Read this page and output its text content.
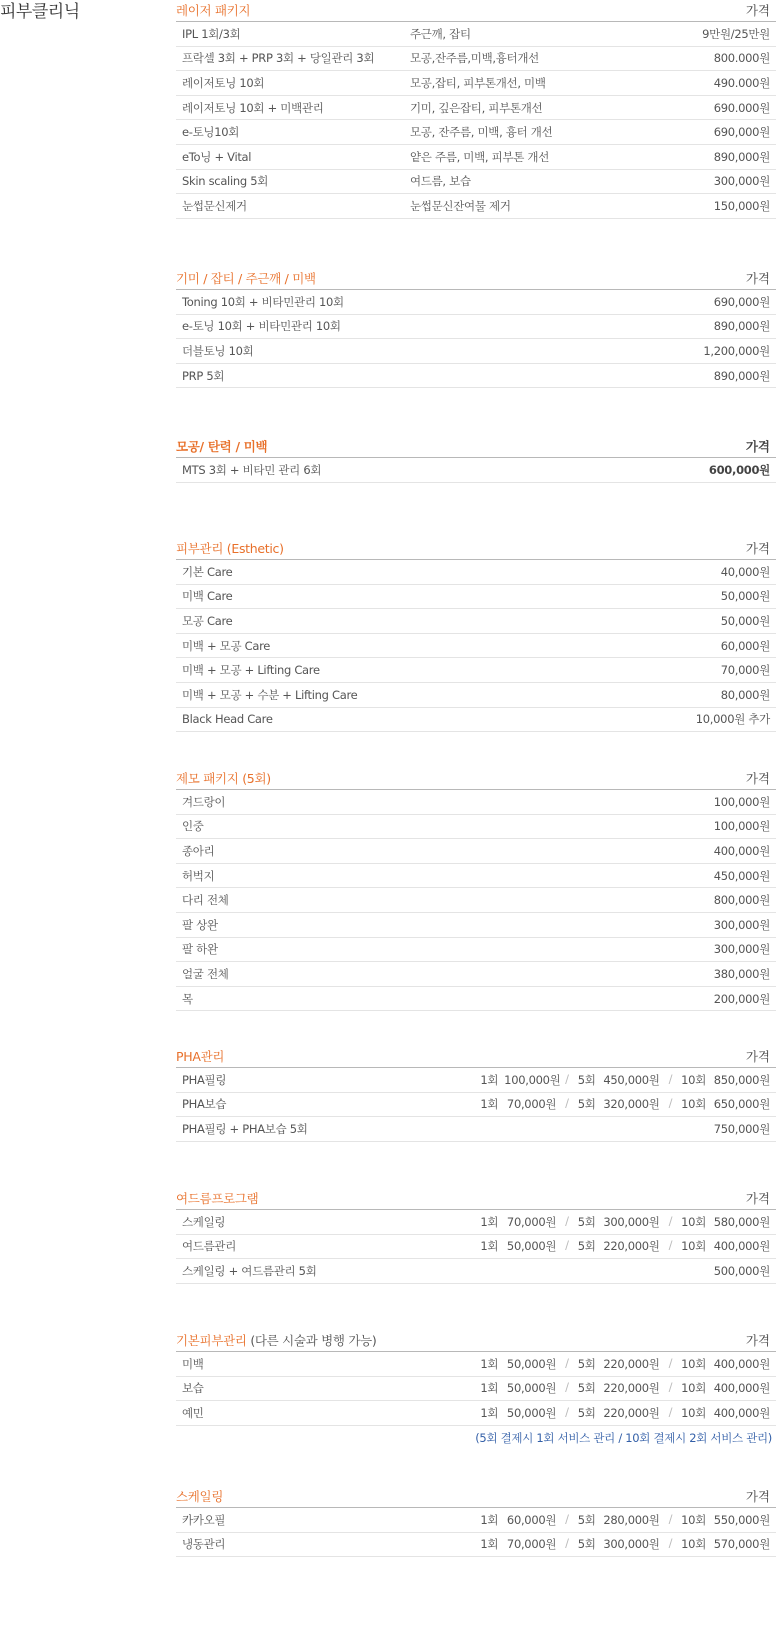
피부클리닉	레이저 패키지	가격
IPL 1회/3회	주근깨, 잡티	9만원/25만원
프락셀 3회 + PRP 3회 + 당일관리 3회	모공,잔주름,미백,흉터개선	800.000원
레이저토닝 10회	모공,잡티, 피부톤개선, 미백	490.000원
레이저토닝 10회 + 미백관리	기미, 깊은잡티, 피부톤개선	690.000원
e-토닝10회	모공, 잔주름, 미백, 흉터 개선	690,000원
eTo닝 + Vital	얕은 주름, 미백, 피부톤 개선	890,000원
Skin scaling 5회	여드름, 보습	300,000원
눈썹문신제거	눈썹문신잔여물 제거	150,000원
기미 / 잡티 / 주근깨 / 미백	가격
Toning 10회 + 비타민관리 10회	690,000원
e-토닝 10회 + 비타민관리 10회	890,000원
더블토닝 10회	1,200,000원
PRP 5회	890,000원
모공/ 탄력 / 미백	가격
MTS 3회 + 비타민 관리 6회	600,000원
피부관리 (Esthetic)	가격
기본 Care	40,000원
미백 Care	50,000원
모공 Care	50,000원
미백 + 모공 Care	60,000원
미백 + 모공 + Lifting Care	70,000원
미백 + 모공 + 수분 + Lifting Care	80,000원
Black Head Care	10,000원 추가
제모 패키지 (5회)	가격
겨드랑이	100,000원
인중	100,000원
종아리	400,000원
허벅지	450,000원
다리 전체	800,000원
팔 상완	300,000원
팔 하완	300,000원
얼굴 전체	380,000원
목	200,000원
PHA관리	가격
PHA필링	1회 100,000원 / 5회 450,000원 / 10회 850,000원
PHA보습	1회 70,000원 / 5회 320,000원 / 10회 650,000원
PHA필링 + PHA보습 5회	750,000원
여드름프로그램	가격
스케일링	1회 70,000원 / 5회 300,000원 / 10회 580,000원
여드름관리	1회 50,000원 / 5회 220,000원 / 10회 400,000원
스케일링 + 여드름관리 5회	500,000원
기본피부관리 (다른 시술과 병행 가능)	가격
미백	1회 50,000원 / 5회 220,000원 / 10회 400,000원
보습	1회 50,000원 / 5회 220,000원 / 10회 400,000원
예민	1회 50,000원 / 5회 220,000원 / 10회 400,000원
(5회 결제시 1회 서비스 관리 / 10회 결제시 2회 서비스 관리)
스케일링	가격
카카오필	1회 60,000원 / 5회 280,000원 / 10회 550,000원
냉동관리	1회 70,000원 / 5회 300,000원 / 10회 570,000원
